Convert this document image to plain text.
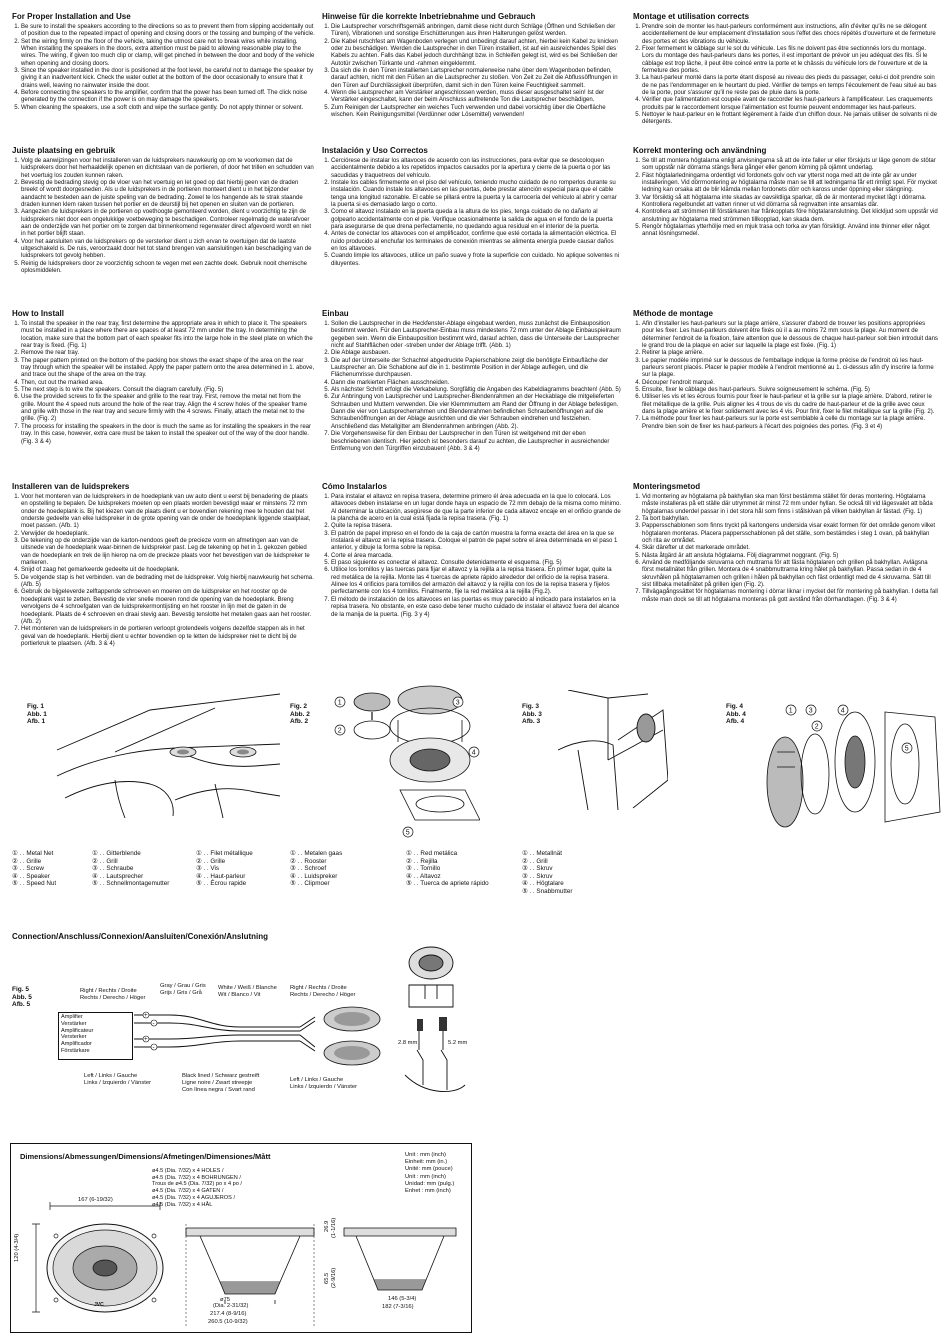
For Proper Installation and Use
1. Be sure to install the speakers according to the directions so as to prevent them from slipping accidentally out of position due to the repeated impact of opening and closing doors or the tossing and bumping of the vehicle.
2. Set the wiring firmly on the floor of the vehicle, taking the utmost care not to break wires while installing. When installing the speakers in the doors, extra attention must be paid to allowing reasonable play to the wires. The wiring, if given too much clip or clamp, will get pinched in between the door and body of the vehicle when opening and closing doors.
3. Since the speaker installed in the door is positioned at the foot level, be careful not to damage the speaker by giving it an inadvertent kick. Check the water outlet at the bottom of the door occasionally to ensure that it drains well, leaving no rainwater inside the door.
4. Before connecting the speakers to the amplifier, confirm that the power has been turned off. The click noise generated by the connection if the power is on may damage the speakers.
5. When cleaning the speakers, use a soft cloth and wipe the surface gently. Do not apply thinner or solvent.
Hinweise für die korrekte Inbetriebnahme und Gebrauch
1. Die Lautsprecher vorschriftsgemäß anbringen, damit diese nicht durch Schläge (Öffnen und Schließen der Türen), Vibrationen und sonstige Erschütterungen aus ihren Halterungen gelöst werden.
2. Die Kabel rutschfest am Wagenboden verlegen und unbedingt darauf achten, hierbei kein Kabel zu knicken oder zu beschädigen. Werden die Lautsprecher in den Türen installiert, ist auf ein ausreichendes Spiel des Kabels zu achten. Falls das Kabel jedoch durchhängt bzw. in Schleifen gelegt ist, wird es bei Schließen der Autotür zwischen Türkante und -rahmen eingeklemmt.
3. Da sich die in den Türen installierten Lartsprecher normalerweise nahe über dem Wagenboden befinden, darauf achten, nicht mit den Füßen an die Lautsprecher zu stoßen. Von Zeit zu Zeit die Abflussöffnungen in den Türen auf Durchlässigkeit überprüfen, damit sich in den Türen keine Feuchtigkeit sammelt.
4. Wenn die Lautsprecher am Verstärker angeschlossen werden, muss dieser ausgeschaltet sein! Ist der Verstärker eingeschaltet, kann der beim Anschluss auftretende Ton die Lautsprecher beschädigen.
5. Zum Reinigen der Lautsprecher ein weiches Tuch verwenden und dabei vorsichtig über die Oberfläche wischen. Kein Reinigungsmittel (Verdünner oder Lösemittel) verwenden!
Montage et utilisation corrects
1. Prendre soin de monter les haut-parleurs conformément aux instructions, afin d'éviter qu'ils ne se délogent accidentellement de leur emplacement d'installation sous l'effet des chocs répétés d'ouverture et de fermeture des portes et des vibrations du véhicule.
2. Fixer fermement le câblage sur le sol du véhicule. Les fils ne doivent pas être sectionnés lors du montage. Lors du montage des haut-parleurs dans les portes, il est important de prévoir un jeu adéquat des fils. Si le câblage est trop lâche, il peut être coincé entre la porte et le châssis du véhicule lors de l'ouverture et de la fermeture des portes.
3. La haut-parleur monté dans la porte étant disposé au niveau des pieds du passager, celui-ci doit prendre soin de ne pas l'endommager en le heurtant du pied. Vérifier de temps en temps l'écoulement de l'eau situé au bas de la porte, pour s'assurer qu'il ne reste pas de pluie dans la porte.
4. Vérifier que l'alimentation est coupée avant de raccorder les haut-parleurs à l'amplificateur. Les craquements produits par le raccordement lorsque l'alimentation est fournie peuvent endommager les haut-parleurs.
5. Nettoyer le haut-parleur en le frottant légèrement à l'aide d'un chiffon doux. Ne jamais utiliser de solvants ni de détergents.
Juiste plaatsing en gebruik
1. Volg de aanwijzingen voor het installeren van de luidsprekers nauwkeurig op om te voorkomen dat de luidsprekers door het herhaaldelijk openen en dichtslaan van de portieren, of door het trillen en schudden van het voertuig los zouden kunnen raken.
2. Bevestig de bedrading stevig op de vloer van het voertuig en let goed op dat hierbij geen van de draden breekt of wordt doorgesneden. Als u de luidsprekers in de portieren monteert dient u in het bijzonder aandacht te besteden aan de juiste speling van de bedrading. Zowel te los hangende als te strak staande draden kunnen klem raken tussen het portier en de deurstijl bij het openen en sluiten van de portieren.
3. Aangezien de luidsprekers in de portieren op voethoogte gemonteerd worden, dient u voorzichtig te zijn de luidsprekers niet door een ongelukkige voetbeweging te beschadigen. Controleer regelmatig de waterafvoer aan de onderzijde van het portier om te zorgen dat binnenkomend regenwater direct afgevoerd wordt en niet in het portier blijft staan.
4. Voor het aansluiten van de luidsprekers op de versterker dient u zich ervan te overtuigen dat de laatste uitgeschakeld is. De ruis, veroorzaakt door het tot stand brengen van aansluitingen kan beschadiging van de luidsprekers tot gevolg hebben.
5. Reinig de luidsprekers door ze voorzichtig schoon te vegen met een zachte doek. Gebruik nooit chemische oplosmiddelen.
Instalación y Uso Correctos
1. Cerciórese de instalar los altavoces de acuerdo con las instrucciones, para evitar que se descoloquen accidentalmente debido a los repetidos impactos causados por la apertura y cierre de la puerta o por las sacudidas y traquetreos del vehículo.
2. Instale los cables firmemente en el piso del vehículo, teniendo mucho cuidado de no romperlos durante su instalación. Cuando instale los altavoces en las puertas, debe prestar atención especial para que el cable tenga una longitud razonable. El cable se pillará entre la puerta y la carrocería del vehículo al abrir y cerrar la puerta si es demasiado largo o corto.
3. Como el altavoz instalado en la puerta queda a la altura de los pies, tenga cuidado de no dañarlo al golpearlo accidentalmente con el pie. Verifique ocasionalmente la salida de agua en el fondo de la puerta para asegurarse de que drena perfectamente, no quedando agua residual en el interior de la puerta.
4. Antes de conectar los altavoces con el amplificador, confirme que esté cortada la alimentación eléctrica. El ruido producido al enchufar los terminales de conexión mientras se alimenta energía puede causar daños en los altavoces.
5. Cuando limpie los altavoces, utilice un paño suave y frote la superficie con cuidado. No aplique solventes ni diluyentes.
Korrekt montering och användning
1. Se till att montera högtalarna enligt anvisningarna så att de inte faller ur eller förskjuts ur läge genom de stötar som uppstår när dörrarna stängs flera gånger eller genom körning på ojämnt underlag.
2. Fäst högtalarledningarna ordentligt vid fordonets golv och var ytterst noga med att de inte går av under installeringen. Vid dörrmontering av högtalarna måste man se till att ledningarna får ett rimligt spel. För mycket ledning kan orsaka att de blir klämda mellan fordonets dörr och kaross under öppning eller stängning.
3. Var försiktig så att högtalarna inte skadas av oavsiktliga sparkar, då de är monterad mycket lågt i dörrarna. Kontrollera regelbundet att vatten rinner ut vid dörrarna så regnvatten inte ansamlas där.
4. Kontrollera att strömmen till förstärkaren har frånkopplats före högtalaranslutning. Det klickljud som uppstår vid anslutning av högtalarna med strömmen tillkopplad, kan skada dem.
5. Rengör högtalarnas ytterhölje med en mjuk trasa och torka av ytan försiktigt. Använd inte thinner eller något annat lösningsmedel.
How to Install
1. To install the speaker in the rear tray, first determine the appropriate area in which to place it. The speakers must be installed in a place where there are spaces of at least 72 mm under the tray. In determining the location, make sure that the bottom part of each speaker fits into the large hole in the steel plate on which the rear tray is fixed. (Fig. 1)
2. Remove the rear tray.
3. The paper pattern printed on the bottom of the packing box shows the exact shape of the area on the rear tray through which the speaker will be installed. Apply the paper pattern onto the area determined in 1. above, and trace out the shape of the area on the tray.
4. Then, cut out the marked area.
5. The next step is to wire the speakers. Consult the diagram carefully. (Fig. 5)
6. Use the provided screws to fix the speaker and grille to the rear tray. First, remove the metal net from the grille. Mount the 4 speed nuts around the hole of the rear tray. Align the 4 screw holes of the speaker frame and grille with those in the rear tray and secure firmly with the 4 screws. Finally, attach the metal net to the grille. (Fig. 2)
7. The process for installing the speakers in the door is much the same as for installing the speakers in the rear tray. In this case, however, extra care must be taken to install the speaker out of the way of the door handle. (Fig. 3 & 4)
Einbau
1. Sollen die Lautsprecher in die Heckfenster-Ablage eingebaut werden, muss zunächst die Einbauposition bestimmt werden. Für den Lautsprecher-Einbau muss mindestens 72 mm unter der Ablage Einbauspielraum gegeben sein. Wenn die Einbauposition bestimmt wird, darauf achten, dass die Unterseite der Lautsprecher nicht auf Stahlflächen oder -streben under der Ablage trifft. (Abb. 1)
2. Die Ablage ausbauen.
3. Die auf der Unterseite der Schachtel abgedruckte Papierschablone zeigt die benötigte Einbaufläche der Lautsprecher an. Die Schablone auf die in 1. bestimmte Position in der Ablage auflegen, und die Flächenumrisse durchpausen.
4. Dann die markierten Flächen ausschneiden.
5. Als nächster Schritt erfolgt die Verkabelung. Sorgfältig die Angaben des Kabeldiagramms beachten! (Abb. 5)
6. Zur Anbringung von Lautsprecher und Lautsprecher-Blendenrahmen an der Heckablage die mitgelieferten Schrauben und Muttern verwenden. Die vier Klemmmuttern am Rand der Öffnung in der Ablage befestigen. Dann die vier von Lautsprecherrahmen und Blendenrahmen befindlichen Schraubenöffnungen auf die Schraubenöffnungen an der Ablage ausrichten und die vier Schrauben eindrehen und festziehen. Anschließend das Metallgitter am Blendenrahmen anbringen (Abb. 2).
7. Die Vorgehensweise für den Einbau der Lautsprecher in den Türen ist weitgehend mit der eben beschriebenen identisch. Hier jedoch ist besonders darauf zu achten, die Lautsprecher in ausreichender Entfernung von den Türgriffen einzubauen! (Abb. 3 & 4)
Méthode de montage
1. Afin d'installer les haut-parleurs sur la plage arrière, s'assurer d'abord de trouver les positions appropriées pour les fixer. Les haut-parleurs doivent être fixés où il a au moins 72 mm sous la plage. Au moment de déterminer l'endroit de la fixation, faire attention que le dessous de chaque haut-parleur soit bien introduit dans le grand trou de la plaque en acier sur laquelle la plage est fixée. (Fig. 1)
2. Retirer la plage arrière.
3. Le papier modèle imprimé sur le dessous de l'emballage indique la forme précise de l'endroit où les haut-parleurs seront placés. Placer le papier modèle à l'endroit mentionné au 1. ci-dessus afin d'y inscrire la forme sur la plage.
4. Découper l'endroit marqué.
5. Ensuite, fixer le câblage des haut-parleurs. Suivre soigneusement le schéma. (Fig. 5)
6. Utiliser les vis et les écrous fournis pour fixer le haut-parleur et la grille sur la plage arrière. D'abord, retirer le filet métallique de la grille. Puis aligner les 4 trous de vis du cadre de haut-parleur et de la grille avec ceux dans la plage arrière et le fixer solidement avec les 4 vis. Pour finir, fixer le filet métallique sur la grille (Fig. 2).
7. La méthode pour fixer les haut-parleurs sur la porte est semblable à celle du montage sur la plage arrière. Prendre bien soin de fixer les haut-parleurs à l'écart des poignées des portes. (Fig. 3 et 4)
Installeren van de luidsprekers
1. Voor het monteren van de luidsprekers in de hoedeplank van uw auto dient u eerst bij benadering de plaats en opstelling te bepalen. De luidsprekers moeten op een plaats worden bevestigd waar er minstens 72 mm onder de hoedeplank is. Bij het kiezen van de plaats dient u er bovendien rekening mee te houden dat het onderste gedeelte van elke luidspreker in de grote opening van de onder de hoedeplank liggende staalplaat, moet passen. (Afb. 1)
2. Verwijder de hoedeplank.
3. De tekening op de onderzijde van de karton-nendoos geeft de precieze vorm en afmetingen aan van de uitsnede van de hoedeplank waar-binnen de luidspreker past. Leg de tekening op het in 1. gekozen gebied van de hoedeplank en trek de lijn hierop na om de precieze plaats voor het bevestigen van de luidspreker te markeren.
4. Snijd of zaag het gemarkeerde gedeelte uit de hoedeplank.
5. De volgende stap is het verbinden. van de bedrading met de luidspreker. Volg hierbij nauwkeurig het schema. (Afb. 5)
6. Gebruik de bijgeleverde zelftappende schroeven en moeren om de luidspreker en het rooster op de hoedeplank vast te zetten. Bevestig de vier snelle moeren rond de opening van de hoedeplank. Breng vervolgens de 4 schroefgaten van de luidsprekermontijsting en het rooster in lijn met de gaten in de hoedeplank. Plaats de 4 schroeven en draai stevig aan. Bevestig tenslotte het metalen gaas aan het rooster. (Afb. 2)
7. Het monteren van de luidsprekers in de portieren verloopt grotendeels volgens dezelfde stappen als in het geval van de hoedeplank. Hierbij dient u echter bovendien op te letten de luidspreker niet te dicht bij de portierkruk te plaatsen. (Afb. 3 & 4)
Cómo Instalarlos
1. Para instalar el altavoz en repisa trasera, determine primero él área adecuada en la que lo colocará. Los altavoces deben instalarse en un lugar donde haya un espacio de 72 mm debajo de la misma como mínimo. Al determinar la ubicación, asegúrese de que la parte inferior de cada altavoz encaje en el orificio grande de la plancha de acero en la cual está fijada la repisa trasera. (Fig. 1)
2. Quite la repisa trasera.
3. El patrón de papel impreso en el fondo de la caja de cartón muestra la forma exacta del área en la que se instalará el altavoz en la repisa trasera. Coloque el patrón de papel sobre el área determinada en el paso 1 anterior, y dibuje la forma sobre la repisa.
4. Corte el área marcada.
5. El paso siguiente es conectar el altavoz. Consulte detenidamente el esquema. (Fig. 5)
6. Utilice los tornillos y las tuercas para fijar el altavoz y la rejilla a la repisa trasera. En primer lugar, quite la red metálica de la rejilla. Monte las 4 tuercas de apriete rápido alrededor del orificio de la repisa trasera. Alinee los 4 orificios para tornillos del armazón del altavoz y la rejilla con los de la repisa trasera y fíjelos perfectamente con los 4 tornillos. Finalmente, fije la red metálica a la rejilla (Fig.2).
7. El método de instalación de los altavoces en las puertas es muy parecido al indicado para instalarlos en la repisa trasera. No obstante, en este caso debe tener mucho cuidado de instalar el altavoz fuera del alcance de la manija de la puerta. (Fig. 3 y 4)
Monteringsmetod
1. Vid montering av högtalarna på bakhyllan ska man först bestämma stället för deras montering. Högtalarna måste installeras på ett ställe där utrymmet är minst 72 mm under hyllan. Se också till vid lägesvalet att båda högtalarnas underdel passar in i det stora hål som finns i stålskivan på vilken bakhyllan är fästad. (Fig. 1)
2. Ta bort bakhyllan.
3. Pappersschablonen som finns tryckt på kartongens undersida visar exakt formen för det område genom vilket högtalaren monteras. Placera pappersschablonen på det ställe, som bestämdes i steg 1 ovan, på bakhyllan och rita av området.
4. Skär därefter ut det markerade området.
5. Nästa åtgärd är att ansluta högtalarna. Följ diagrammet noggrant. (Fig. 5)
6. Använd de medföljande skruvarna och muttrarna för att fästa högtalaren och grillen på bakhyllan. Avlägsna först metallnätet från grillen. Montera de 4 snabbmuttrarna kring hålet på bakhyllan. Passa sedan in de 4 skruvhålen på högtalarramen och grillen i hålen på bakhyllan och fäst ordentligt med de 4 skruvarna. Sätt till sist tillbaka metallnätet på grillen igen (Fig. 2).
7. Tillvägagångssättet för högtalarnas montering i dörrar liknar i mycket det för montering på bakhyllan. I detta fall måste man dock se till att högtalarna monteras på gott avstånd från dörrhandtagen. (Fig. 3 & 4)
Fig. 1
Abb. 1
Afb. 1
Fig. 2
Abb. 2
Afb. 2
1
2
3
4
5
Fig. 3
Abb. 3
Afb. 3
Fig. 4
Abb. 4
Afb. 4
1 3
2
4
5
① . . Metal Net
② . . Grille
③ . . Screw
④ . . Speaker
⑤ . . Speed Nut
① . . Gitterblende
② . . Grill
③ . . Schraube
④ . . Lautsprecher
⑤ . . Schnellmontagemutter
① . . Filet métallique
② . . Grille
③ . . Vis
④ . . Haut-parleur
⑤ . . Écrou rapide
① . . Metalen gaas
② . . Rooster
③ . . Schroef
④ . . Luidspreker
⑤ . . Clipmoer
① . . Red metálica
② . . Rejilla
③ . . Tornillo
④ . . Altavoz
⑤ . . Tuerca de apriete rápido
① . . Metallnät
② . . Grill
③ . . Skruv
③ . . Skruv
④ . . Högtalare
⑤ . . Snabbmutter
Connection/Anschluss/Connexion/Aansluiten/Conexión/Anslutning
Fig. 5
Abb. 5
Afb. 5
Amplifier
Verstärker
Amplificateur
Versterker
Amplificador
Förstärkare
+
-
+
-
Right / Rechts / Droite
Rechts / Derecho / Höger
Gray / Grau / Gris
Grijs / Gris / Grå
White / Weiß / Blanche
Wit / Blanco / Vit
Right / Rechts / Droite
Rechts / Derecho / Höger
Left / Links / Gauche
Links / Izquierdo / Vänster
Black lined / Schwarz gestreift
Ligne noire / Zwart streepje
Con línea negra / Svart rand
Left / Links / Gauche
Links / Izquierdo / Vänster
2.8 mm	5.2 mm
Dimensions/Abmessungen/Dimensions/Afmetingen/Dimensiones/Mått
ø4.5 (Dia. 7/32) x 4 HOLES /
ø4.5 (Dia. 7/32) x 4 BOHRUNGEN /
Trous de ø4.5 (Dia. 7/32) po x 4 po /
ø4.5 (Dia. 7/32) x 4 GATEN /
ø4.5 (Dia. 7/32) x 4 AGUJEROS /
ø4.5 (Dia. 7/32) x 4 HÅL
Unit : mm (inch)
Einheit: mm (in.)
Unité: mm (pouce)
Unit : mm (inch)
Unidad: mm (pulg.)
Enhet : mm (inch)
167 (6-19/32)
120 (4-3/4)
JVC
ø75
(Dia. 2-31/32)
217.4 (8-9/16)
260.5 (10-9/32)
26.9 (1-1/16)
65.5 (2-9/16)
146 (5-3/4)
182 (7-3/16)
